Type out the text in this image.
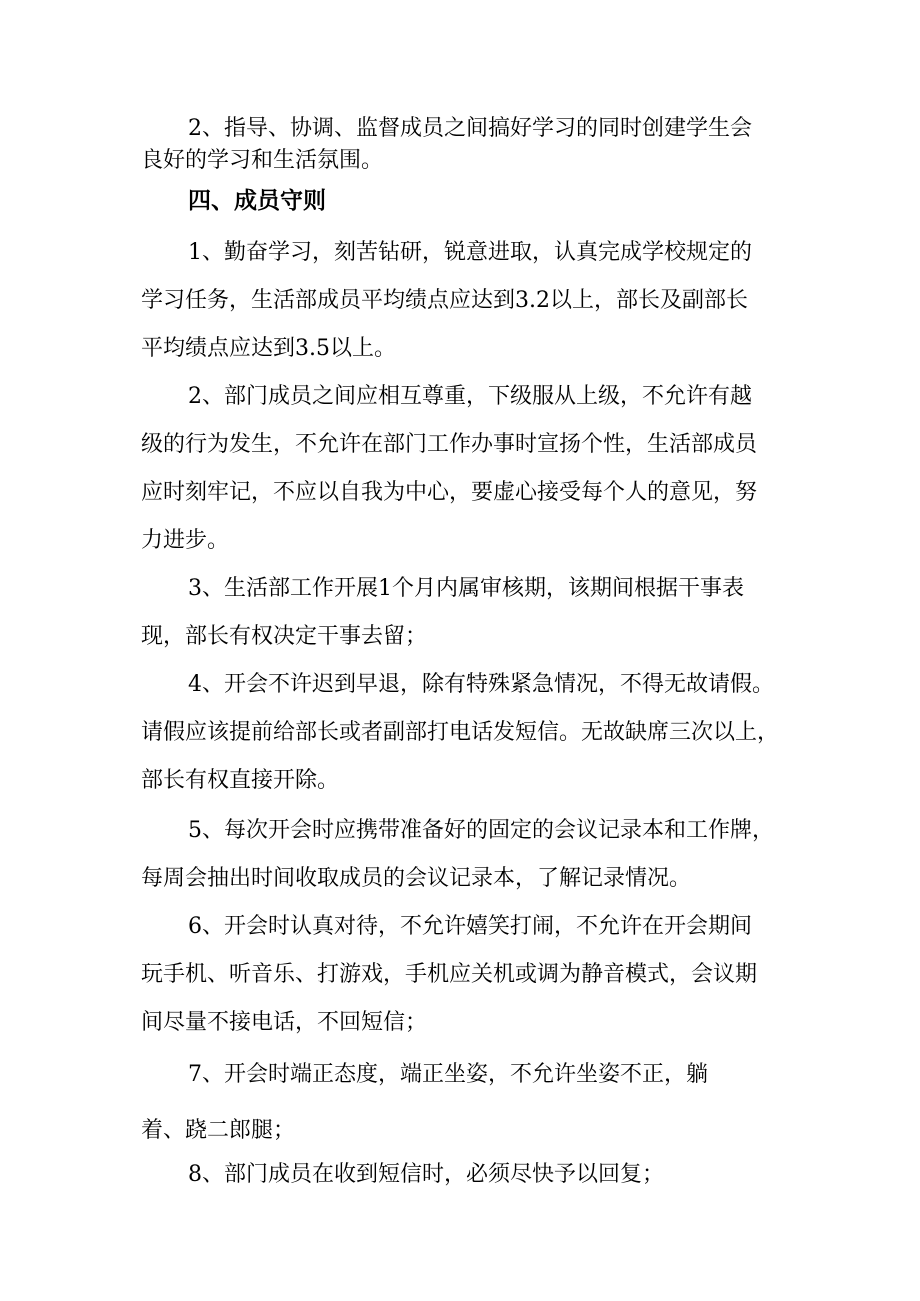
2、指导、协调、监督成员之间搞好学习的同时创建学生会
良好的学习和生活氛围。
四、成员守则
1、勤奋学习，刻苦钻研，锐意进取，认真完成学校规定的
学习任务，生活部成员平均绩点应达到3.2以上，部长及副部长
平均绩点应达到3.5以上。
2、部门成员之间应相互尊重，下级服从上级，不允许有越
级的行为发生，不允许在部门工作办事时宣扬个性，生活部成员
应时刻牢记，不应以自我为中心，要虚心接受每个人的意见，努
力进步。
3、生活部工作开展1个月内属审核期，该期间根据干事表
现，部长有权决定干事去留；
4、开会不许迟到早退，除有特殊紧急情况，不得无故请假。
请假应该提前给部长或者副部打电话发短信。无故缺席三次以上，
部长有权直接开除。
5、每次开会时应携带准备好的固定的会议记录本和工作牌，
每周会抽出时间收取成员的会议记录本，了解记录情况。
6、开会时认真对待，不允许嬉笑打闹，不允许在开会期间
玩手机、听音乐、打游戏，手机应关机或调为静音模式，会议期
间尽量不接电话，不回短信；
7、开会时端正态度，端正坐姿，不允许坐姿不正，躺
着、跷二郎腿；
8、部门成员在收到短信时，必须尽快予以回复；
